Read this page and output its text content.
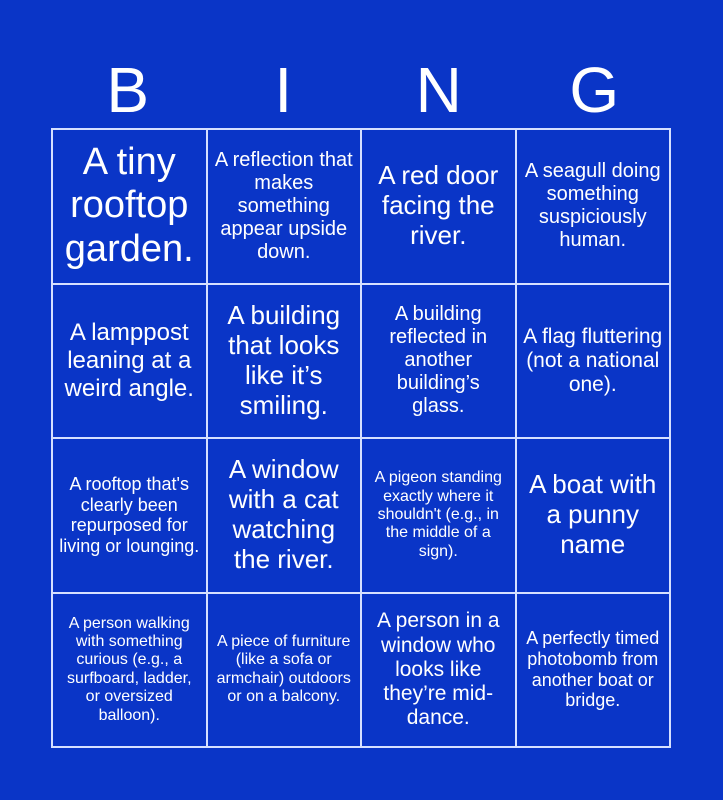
B	I	N	G
A tiny rooftop garden.
A reflection that makes something appear upside down.
A red door facing the river.
A seagull doing something suspiciously human.
A lamppost leaning at a weird angle.
A building that looks like it’s smiling.
A building reflected in another building’s glass.
A flag fluttering (not a national one).
A rooftop that's clearly been repurposed for living or lounging.
A window with a cat watching the river.
A pigeon standing exactly where it shouldn't (e.g., in the middle of a sign).
A boat with a punny name
A person walking with something curious (e.g., a surfboard, ladder, or oversized balloon).
A piece of furniture (like a sofa or armchair) outdoors or on a balcony.
A person in a window who looks like they’re mid-dance.
A perfectly timed photobomb from another boat or bridge.
